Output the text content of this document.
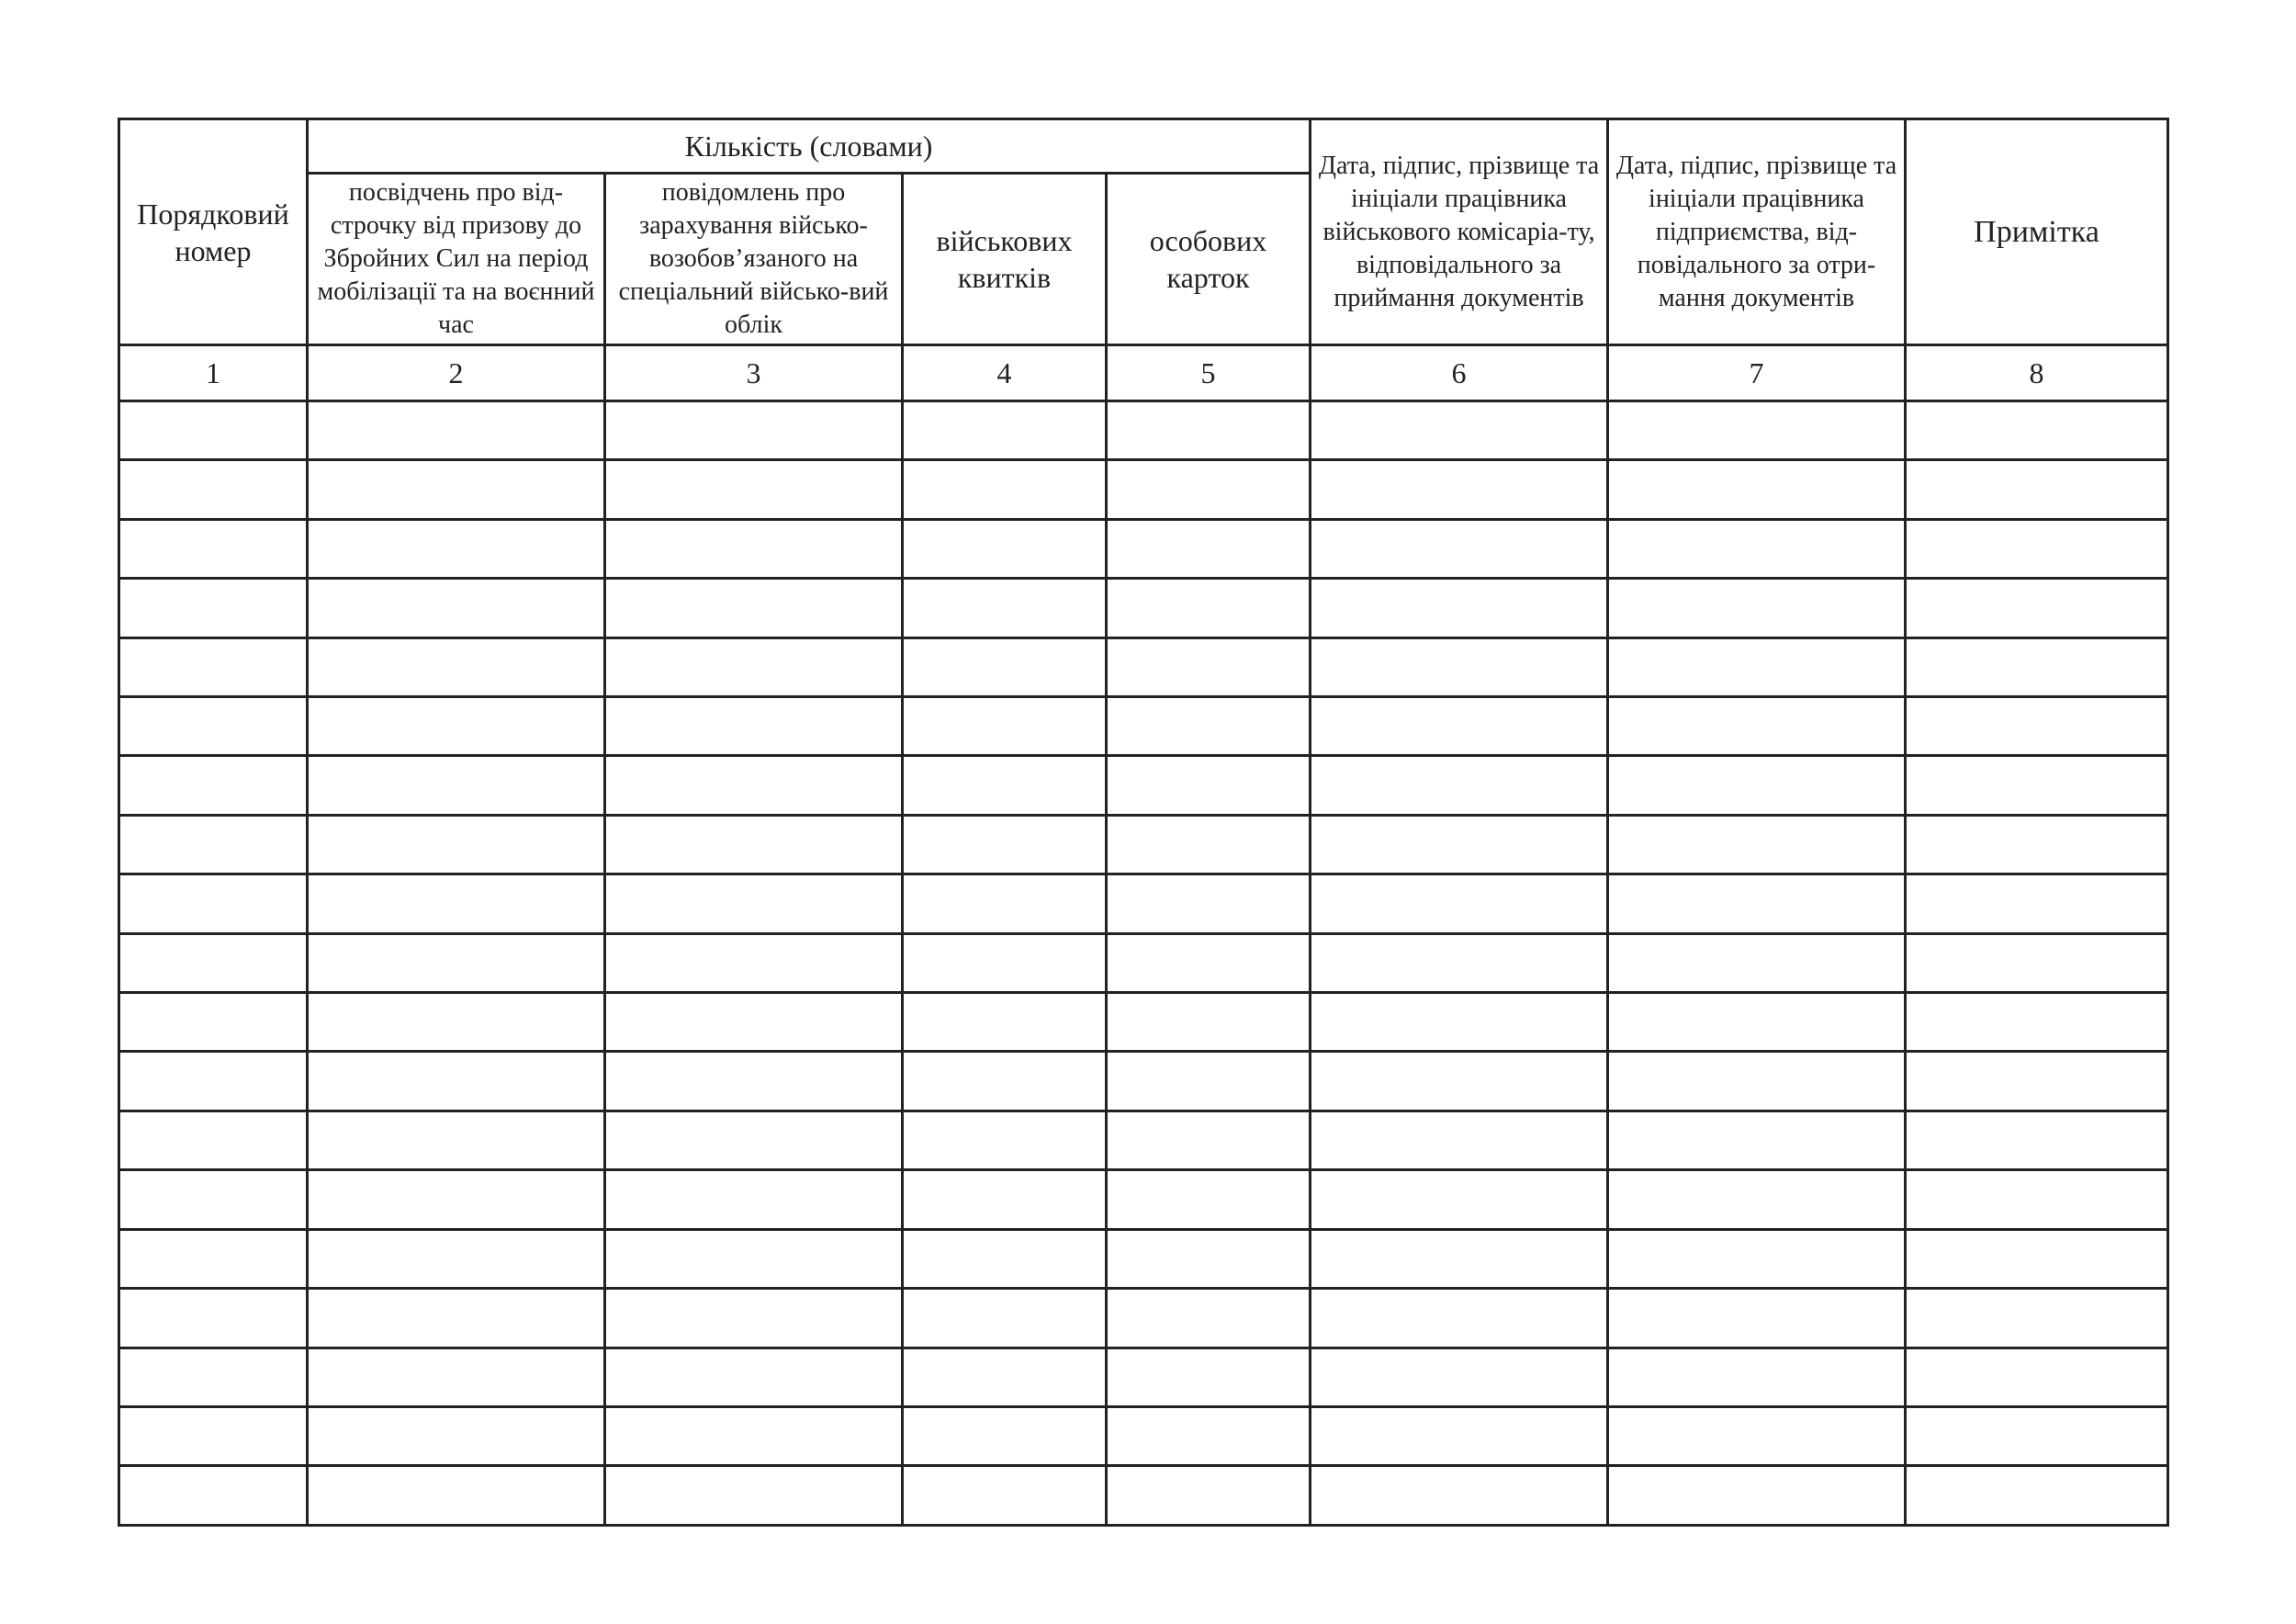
Порядковий номер	Кількість (словами)				Дата, підпис, прізвище та ініціали працівника військового комісаріа-ту, відповідального за приймання документів	Дата, підпис, прізвище та ініціали працівника підприємства, від-повідального за отри-мання документів	Примітка
	посвідчень про від-строчку від призову до Збройних Сил на період мобілізації та на воєнний час	повідомлень про зарахування військо-возобов’язаного на спеціальний військо-вий облік	військових квитків	особових карток			
1	2	3	4	5	6	7	8
